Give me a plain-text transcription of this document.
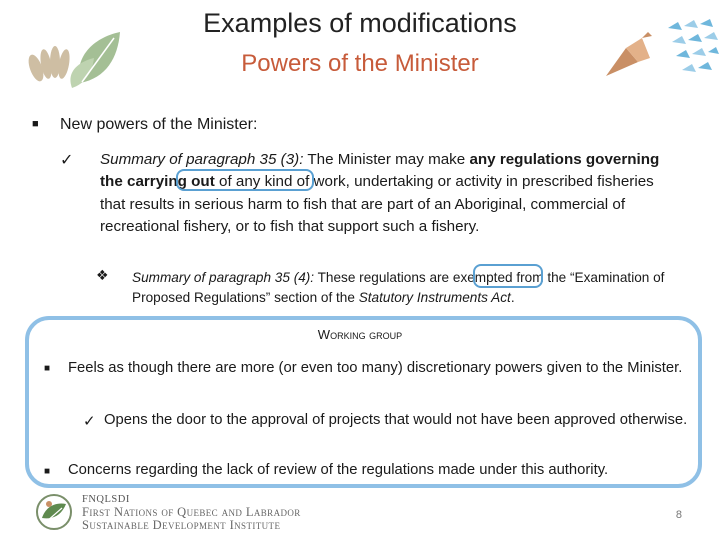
Examples of modifications
Powers of the Minister
■ New powers of the Minister:
✓ Summary of paragraph 35 (3): The Minister may make any regulations governing the carrying out of any kind of work, undertaking or activity in prescribed fisheries that results in serious harm to fish that are part of an Aboriginal, commercial of recreational fishery, or to fish that support such a fishery.
❖ Summary of paragraph 35 (4): These regulations are exempted from the “Examination of Proposed Regulations” section of the Statutory Instruments Act.
Working group
■ Feels as though there are more (or even too many) discretionary powers given to the Minister.
✓ Opens the door to the approval of projects that would not have been approved otherwise.
■ Concerns regarding the lack of review of the regulations made under this authority.
FNQLSDI
First Nations of Quebec and Labrador
Sustainable Development Institute
8
